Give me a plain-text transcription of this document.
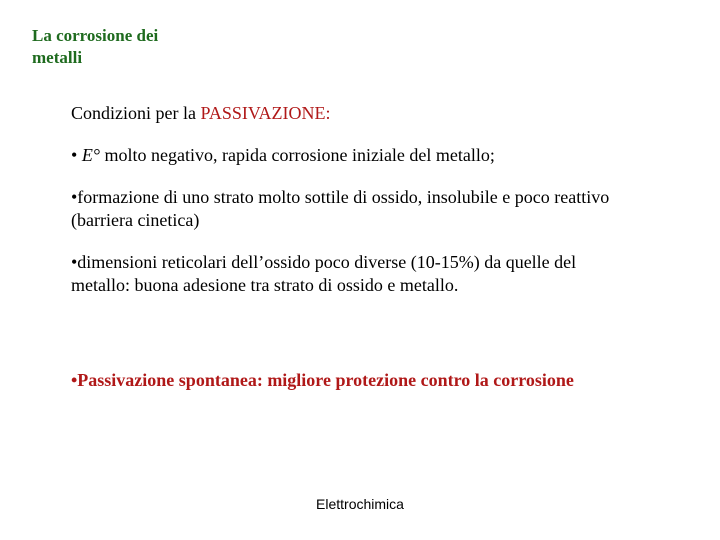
La corrosione dei
metalli

Condizioni per la PASSIVAZIONE:

• E° molto negativo, rapida corrosione iniziale del metallo;

•formazione di uno strato molto sottile di ossido, insolubile e poco reattivo (barriera cinetica)

•dimensioni reticolari dell’ossido poco diverse (10-15%) da quelle del metallo: buona adesione tra strato di ossido e metallo.

•Passivazione spontanea: migliore protezione contro la corrosione

Elettrochimica
